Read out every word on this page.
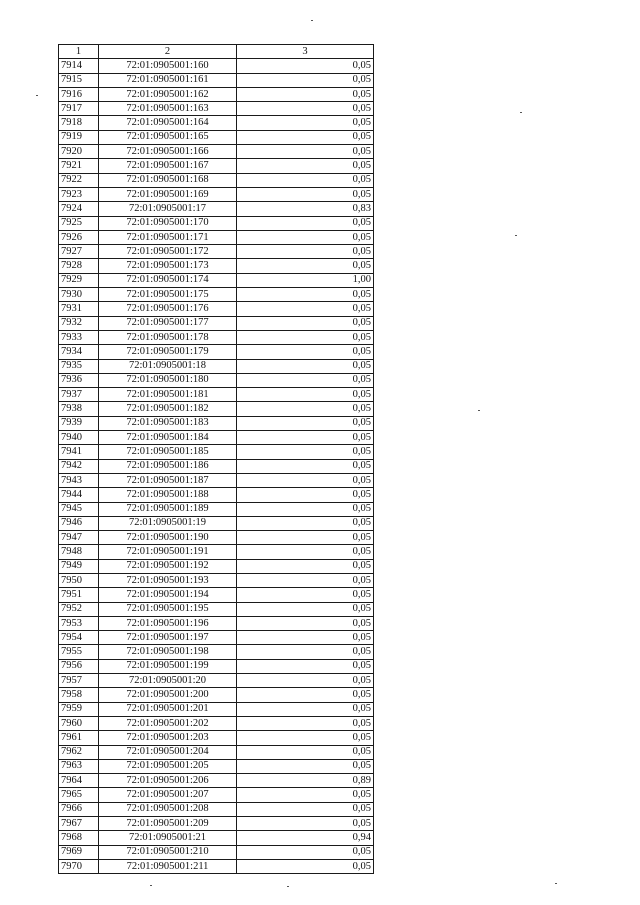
1	2	3
7914	72:01:0905001:160	0,05
7915	72:01:0905001:161	0,05
7916	72:01:0905001:162	0,05
7917	72:01:0905001:163	0,05
7918	72:01:0905001:164	0,05
7919	72:01:0905001:165	0,05
7920	72:01:0905001:166	0,05
7921	72:01:0905001:167	0,05
7922	72:01:0905001:168	0,05
7923	72:01:0905001:169	0,05
7924	72:01:0905001:17	0,83
7925	72:01:0905001:170	0,05
7926	72:01:0905001:171	0,05
7927	72:01:0905001:172	0,05
7928	72:01:0905001:173	0,05
7929	72:01:0905001:174	1,00
7930	72:01:0905001:175	0,05
7931	72:01:0905001:176	0,05
7932	72:01:0905001:177	0,05
7933	72:01:0905001:178	0,05
7934	72:01:0905001:179	0,05
7935	72:01:0905001:18	0,05
7936	72:01:0905001:180	0,05
7937	72:01:0905001:181	0,05
7938	72:01:0905001:182	0,05
7939	72:01:0905001:183	0,05
7940	72:01:0905001:184	0,05
7941	72:01:0905001:185	0,05
7942	72:01:0905001:186	0,05
7943	72:01:0905001:187	0,05
7944	72:01:0905001:188	0,05
7945	72:01:0905001:189	0,05
7946	72:01:0905001:19	0,05
7947	72:01:0905001:190	0,05
7948	72:01:0905001:191	0,05
7949	72:01:0905001:192	0,05
7950	72:01:0905001:193	0,05
7951	72:01:0905001:194	0,05
7952	72:01:0905001:195	0,05
7953	72:01:0905001:196	0,05
7954	72:01:0905001:197	0,05
7955	72:01:0905001:198	0,05
7956	72:01:0905001:199	0,05
7957	72:01:0905001:20	0,05
7958	72:01:0905001:200	0,05
7959	72:01:0905001:201	0,05
7960	72:01:0905001:202	0,05
7961	72:01:0905001:203	0,05
7962	72:01:0905001:204	0,05
7963	72:01:0905001:205	0,05
7964	72:01:0905001:206	0,89
7965	72:01:0905001:207	0,05
7966	72:01:0905001:208	0,05
7967	72:01:0905001:209	0,05
7968	72:01:0905001:21	0,94
7969	72:01:0905001:210	0,05
7970	72:01:0905001:211	0,05
